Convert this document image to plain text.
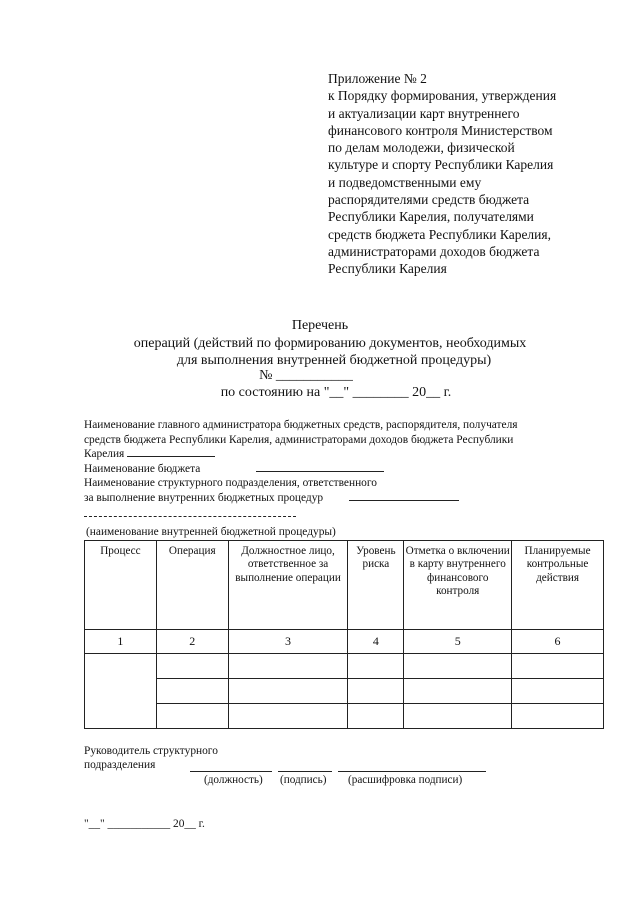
Приложение № 2
к Порядку формирования, утверждения
и актуализации карт внутреннего
финансового контроля Министерством
по делам молодежи, физической
культуре и спорту Республики Карелия
и подведомственными ему
распорядителями средств бюджета
Республики Карелия, получателями
средств бюджета Республики Карелия,
администраторами доходов бюджета
Республики Карелия
Перечень
операций (действий по формированию документов, необходимых
для выполнения внутренней бюджетной процедуры)
№ ___________
по состоянию на "__" ________ 20__ г.
Наименование главного администратора бюджетных средств, распорядителя, получателя
средств бюджета Республики Карелия, администраторами доходов бюджета Республики
Карелия
Наименование бюджета
Наименование структурного подразделения, ответственного
за выполнение внутренних бюджетных процедур
(наименование внутренней бюджетной процедуры)
Процесс	Операция	Должностное лицо, ответственное за выполнение операции	Уровень риска	Отметка о включении в карту внутреннего финансового контроля	Планируемые контрольные действия
1	2	3	4	5	6

Руководитель структурного
подразделения
(должность) (подпись) (расшифровка подписи)
"__" ___________ 20__ г.
